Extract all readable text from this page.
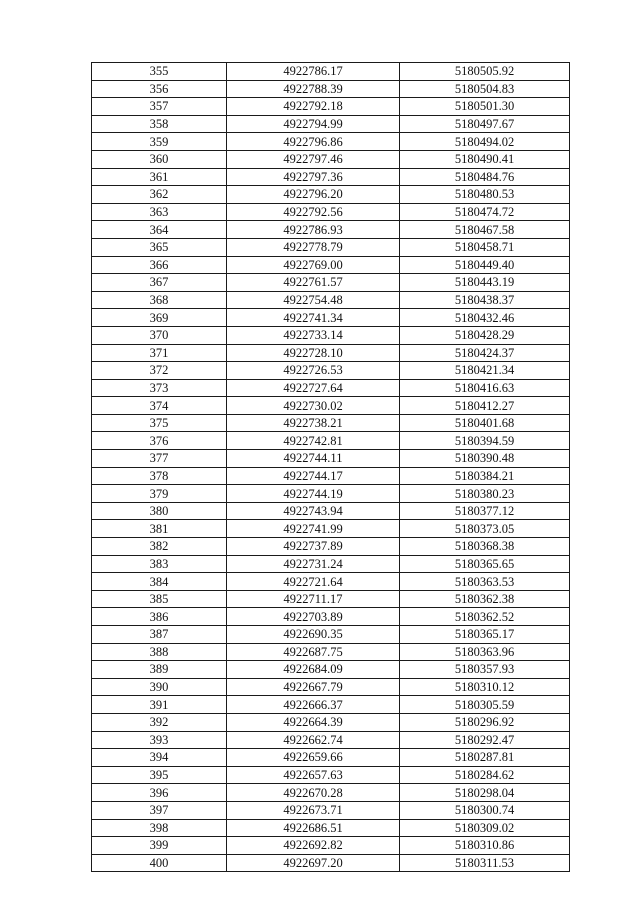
355	4922786.17	5180505.92
356	4922788.39	5180504.83
357	4922792.18	5180501.30
358	4922794.99	5180497.67
359	4922796.86	5180494.02
360	4922797.46	5180490.41
361	4922797.36	5180484.76
362	4922796.20	5180480.53
363	4922792.56	5180474.72
364	4922786.93	5180467.58
365	4922778.79	5180458.71
366	4922769.00	5180449.40
367	4922761.57	5180443.19
368	4922754.48	5180438.37
369	4922741.34	5180432.46
370	4922733.14	5180428.29
371	4922728.10	5180424.37
372	4922726.53	5180421.34
373	4922727.64	5180416.63
374	4922730.02	5180412.27
375	4922738.21	5180401.68
376	4922742.81	5180394.59
377	4922744.11	5180390.48
378	4922744.17	5180384.21
379	4922744.19	5180380.23
380	4922743.94	5180377.12
381	4922741.99	5180373.05
382	4922737.89	5180368.38
383	4922731.24	5180365.65
384	4922721.64	5180363.53
385	4922711.17	5180362.38
386	4922703.89	5180362.52
387	4922690.35	5180365.17
388	4922687.75	5180363.96
389	4922684.09	5180357.93
390	4922667.79	5180310.12
391	4922666.37	5180305.59
392	4922664.39	5180296.92
393	4922662.74	5180292.47
394	4922659.66	5180287.81
395	4922657.63	5180284.62
396	4922670.28	5180298.04
397	4922673.71	5180300.74
398	4922686.51	5180309.02
399	4922692.82	5180310.86
400	4922697.20	5180311.53
